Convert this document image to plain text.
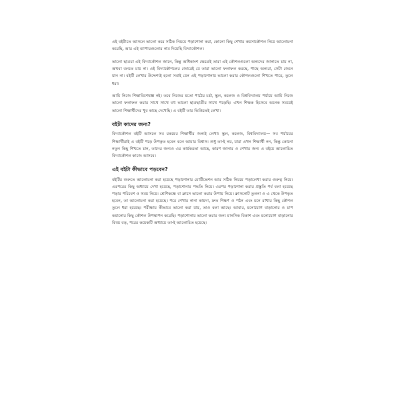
এই বইটাতে আসলে ভালো করে সঠিক নিয়মে পড়াশোনা করা, কোনো কিছু শেখার কয়সাকৌশল নিয়ে আলোচনা করেছি, আর এই ব্যাপারগুলোর নাম দিয়েছি বিদ্যাকৌশল।

ভালো ছাত্ররা এই বিদ্যাকৌশল জানে, কিন্তু অধিকাংশ ক্ষেত্রেই তারা এই কৌশলগুলো অন্যদের জানাতে চায় না, অথবা বলতে চায় না। এই বিদ্যাকৌশলের জোরেই যে তারা ভালো ফলাফল করছে, পাছে অন্যরা, সেটা জেনে যান না। বইটি লেখার উদ্দেশ্যই হলো সবাই যেন এই পড়াশোনায় ভালো করার কৌশলগুলো শিখতে পারে, তুলে ধরা।

আমি নিজে শিক্ষাবিশেষজ্ঞ নই। তবে নিজের মতো পাঠের চর্চা, স্কুল, কলেজ ও বিশ্ববিদ্যালয় পর্যায়ে আমি নিজে ভালো ফলাফল করার সাথে সাথে বহু ভালো ছাত্রছাত্রীর সাথে পড়েছি। এখন শিক্ষক হিসেবে অনেক সময়েই ভালো শিক্ষার্থীদের খুব কাছে দেখেছি। এ বইটি তার ভিত্তিতেই লেখা।

বইটা কাদের জন্য?

বিদ্যাকৌশল বইটি আসলে সব রকমের শিক্ষার্থীর জন্যই লেখা। স্কুল, কলেজ, বিশ্ববিদ্যালয়— সব পর্যায়ের শিক্ষার্থীরাই এ বইটি পড়ে উপকৃত হবেন বলে আমার বিশ্বাস। শুধু তা-ই নয়, যারা এখন শিক্ষার্থী নন, কিন্তু কোনো নতুন কিছু শিখতে চান, তাদের জন্যও এর কার্যকরতা আছে, কারণ জানার ও শেখার জন্য এ বইয়ে আলোচিত বিদ্যাকৌশল কাজে আসবে।

এই বইটা কীভাবে পড়বেন?

বইটির শুরুতে আলোচনা করা হয়েছে পড়াশোনার মোটিভেশন আর সঠিক নিয়মে পড়ালেখা করার গুরুত্ব নিয়ে। এরপরের কিছু অধ্যায়ে দেখা হয়েছে, পড়াশোনার পদ্ধতি নিয়ে। এরপর পড়াশোনা করার প্রস্তুতি পর্ব বলা হয়েছে পড়ার পরিবেশ ও সময় নিয়ে। শ্রেণিকক্ষে বা ক্লাসে ভালো করার উপায় নিয়ে। ক্লাসনোট তুলনা ও এ থেকে উপকৃত হবেন, তা আলোচনা করা হয়েছে। পরে শেখার নানা কায়দা, দ্রুত শিক্ষণ ও পঠন এবং মনে রাখার কিছু কৌশল তুলে ধরা হয়েছে। পরীক্ষায় কীভাবে ভালো করা যায়, তাও বলা আছে। আবার, মনোযোগ বাড়ানোর ও চাপ কমানোর কিছু কৌশল উপস্থাপন করেছি। পড়াশোনায় ভালো করার জন্য মানসিক বিকাশ এবং মনোযোগ বাড়ানোর বিষয় বড়, পরের কয়েকটি অধ্যায়ে তা-ই আলোচিত হয়েছে।
